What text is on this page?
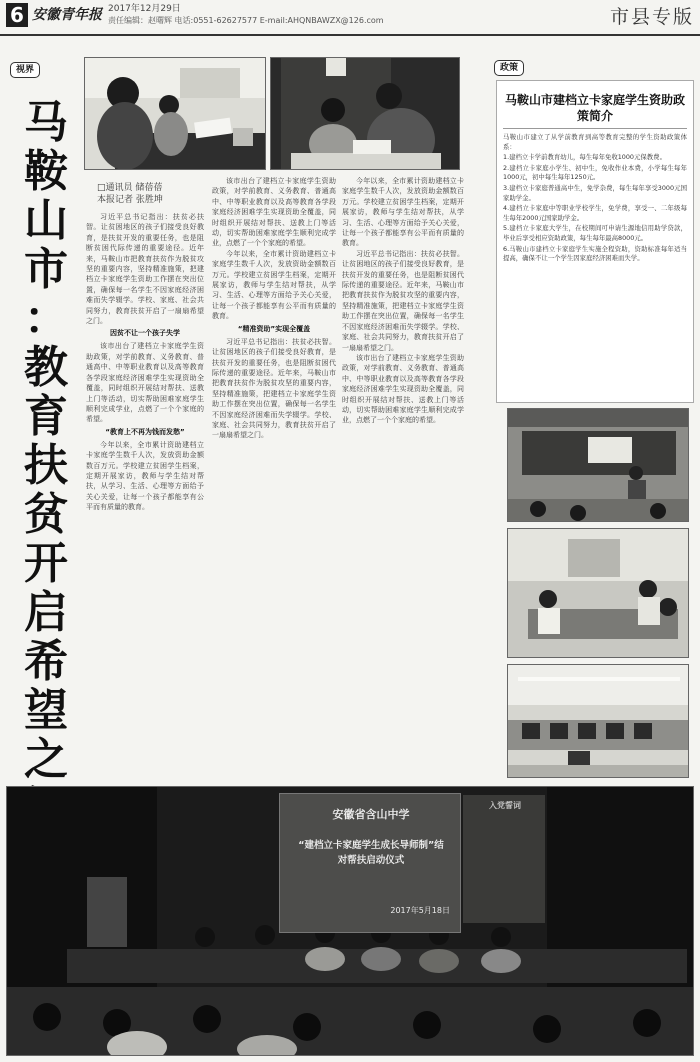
6 安徽青年报 2017年12月29日
责任编辑：赵曙辉 电话:0551-62627577 E-mail:AHQNBAWZX@126.com	市县专版
视界
马
鞍
山
市
：
教
育
扶
贫
开
启
希
望
之
□通讯员 储蓓蓓
本报记者 张胜坤
习近平总书记指出：扶贫必扶智。让贫困地区的孩子们接受良好教育，是扶贫开发的重要任务，也是阻断贫困代际传递的重要途径。近年来，马鞍山市把教育扶贫作为脱贫攻坚的重要内容，坚持精准施策，把建档立卡家庭学生资助工作摆在突出位置，确保每一名学生不因家庭经济困难而失学辍学。学校、家庭、社会共同努力，教育扶贫开启了一扇扇希望之门。
因贫不让一个孩子失学
该市出台了建档立卡家庭学生资助政策，对学前教育、义务教育、普通高中、中等职业教育以及高等教育各学段家庭经济困难学生实现资助全覆盖，同时组织开展结对帮扶、送教上门等活动，切实帮助困难家庭学生顺利完成学业，点燃了一个个家庭的希望。
“教育上不再为钱而发愁”
今年以来，全市累计资助建档立卡家庭学生数千人次，发放资助金额数百万元。学校建立贫困学生档案，定期开展家访，教师与学生结对帮扶，从学习、生活、心理等方面给予关心关爱，让每一个孩子都能享有公平而有质量的教育。
该市出台了建档立卡家庭学生资助政策，对学前教育、义务教育、普通高中、中等职业教育以及高等教育各学段家庭经济困难学生实现资助全覆盖，同时组织开展结对帮扶、送教上门等活动，切实帮助困难家庭学生顺利完成学业，点燃了一个个家庭的希望。
今年以来，全市累计资助建档立卡家庭学生数千人次，发放资助金额数百万元。学校建立贫困学生档案，定期开展家访，教师与学生结对帮扶，从学习、生活、心理等方面给予关心关爱，让每一个孩子都能享有公平而有质量的教育。
“精准资助”实现全覆盖
习近平总书记指出：扶贫必扶智。让贫困地区的孩子们接受良好教育，是扶贫开发的重要任务，也是阻断贫困代际传递的重要途径。近年来，马鞍山市把教育扶贫作为脱贫攻坚的重要内容，坚持精准施策，把建档立卡家庭学生资助工作摆在突出位置，确保每一名学生不因家庭经济困难而失学辍学。学校、家庭、社会共同努力，教育扶贫开启了一扇扇希望之门。
今年以来，全市累计资助建档立卡家庭学生数千人次，发放资助金额数百万元。学校建立贫困学生档案，定期开展家访，教师与学生结对帮扶，从学习、生活、心理等方面给予关心关爱，让每一个孩子都能享有公平而有质量的教育。
习近平总书记指出：扶贫必扶智。让贫困地区的孩子们接受良好教育，是扶贫开发的重要任务，也是阻断贫困代际传递的重要途径。近年来，马鞍山市把教育扶贫作为脱贫攻坚的重要内容，坚持精准施策，把建档立卡家庭学生资助工作摆在突出位置，确保每一名学生不因家庭经济困难而失学辍学。学校、家庭、社会共同努力，教育扶贫开启了一扇扇希望之门。
该市出台了建档立卡家庭学生资助政策，对学前教育、义务教育、普通高中、中等职业教育以及高等教育各学段家庭经济困难学生实现资助全覆盖，同时组织开展结对帮扶、送教上门等活动，切实帮助困难家庭学生顺利完成学业，点燃了一个个家庭的希望。
政策
马鞍山市建档立卡家庭学生资助政策简介

马鞍山市建立了从学前教育到高等教育完整的学生资助政策体系：

1.建档立卡学前教育幼儿，每生每年免收1000元保教费。

2.建档立卡家庭小学生、初中生，免收作业本费，小学每生每年1000元，初中每生每年1250元。

3.建档立卡家庭普通高中生，免学杂费，每生每年享受3000元国家助学金。

4.建档立卡家庭中等职业学校学生，免学费，享受一、二年级每生每年2000元国家助学金。

5.建档立卡家庭大学生，在校期间可申请生源地信用助学贷款，毕业后享受相应资助政策，每生每年最高8000元。

6.马鞍山市建档立卡家庭学生实施全程资助，资助标准每年适当提高，确保不让一个学生因家庭经济困难而失学。

安徽省含山中学
“建档立卡家庭学生成长导师制”结对帮扶启动仪式
2017年5月18日
入党誓词
